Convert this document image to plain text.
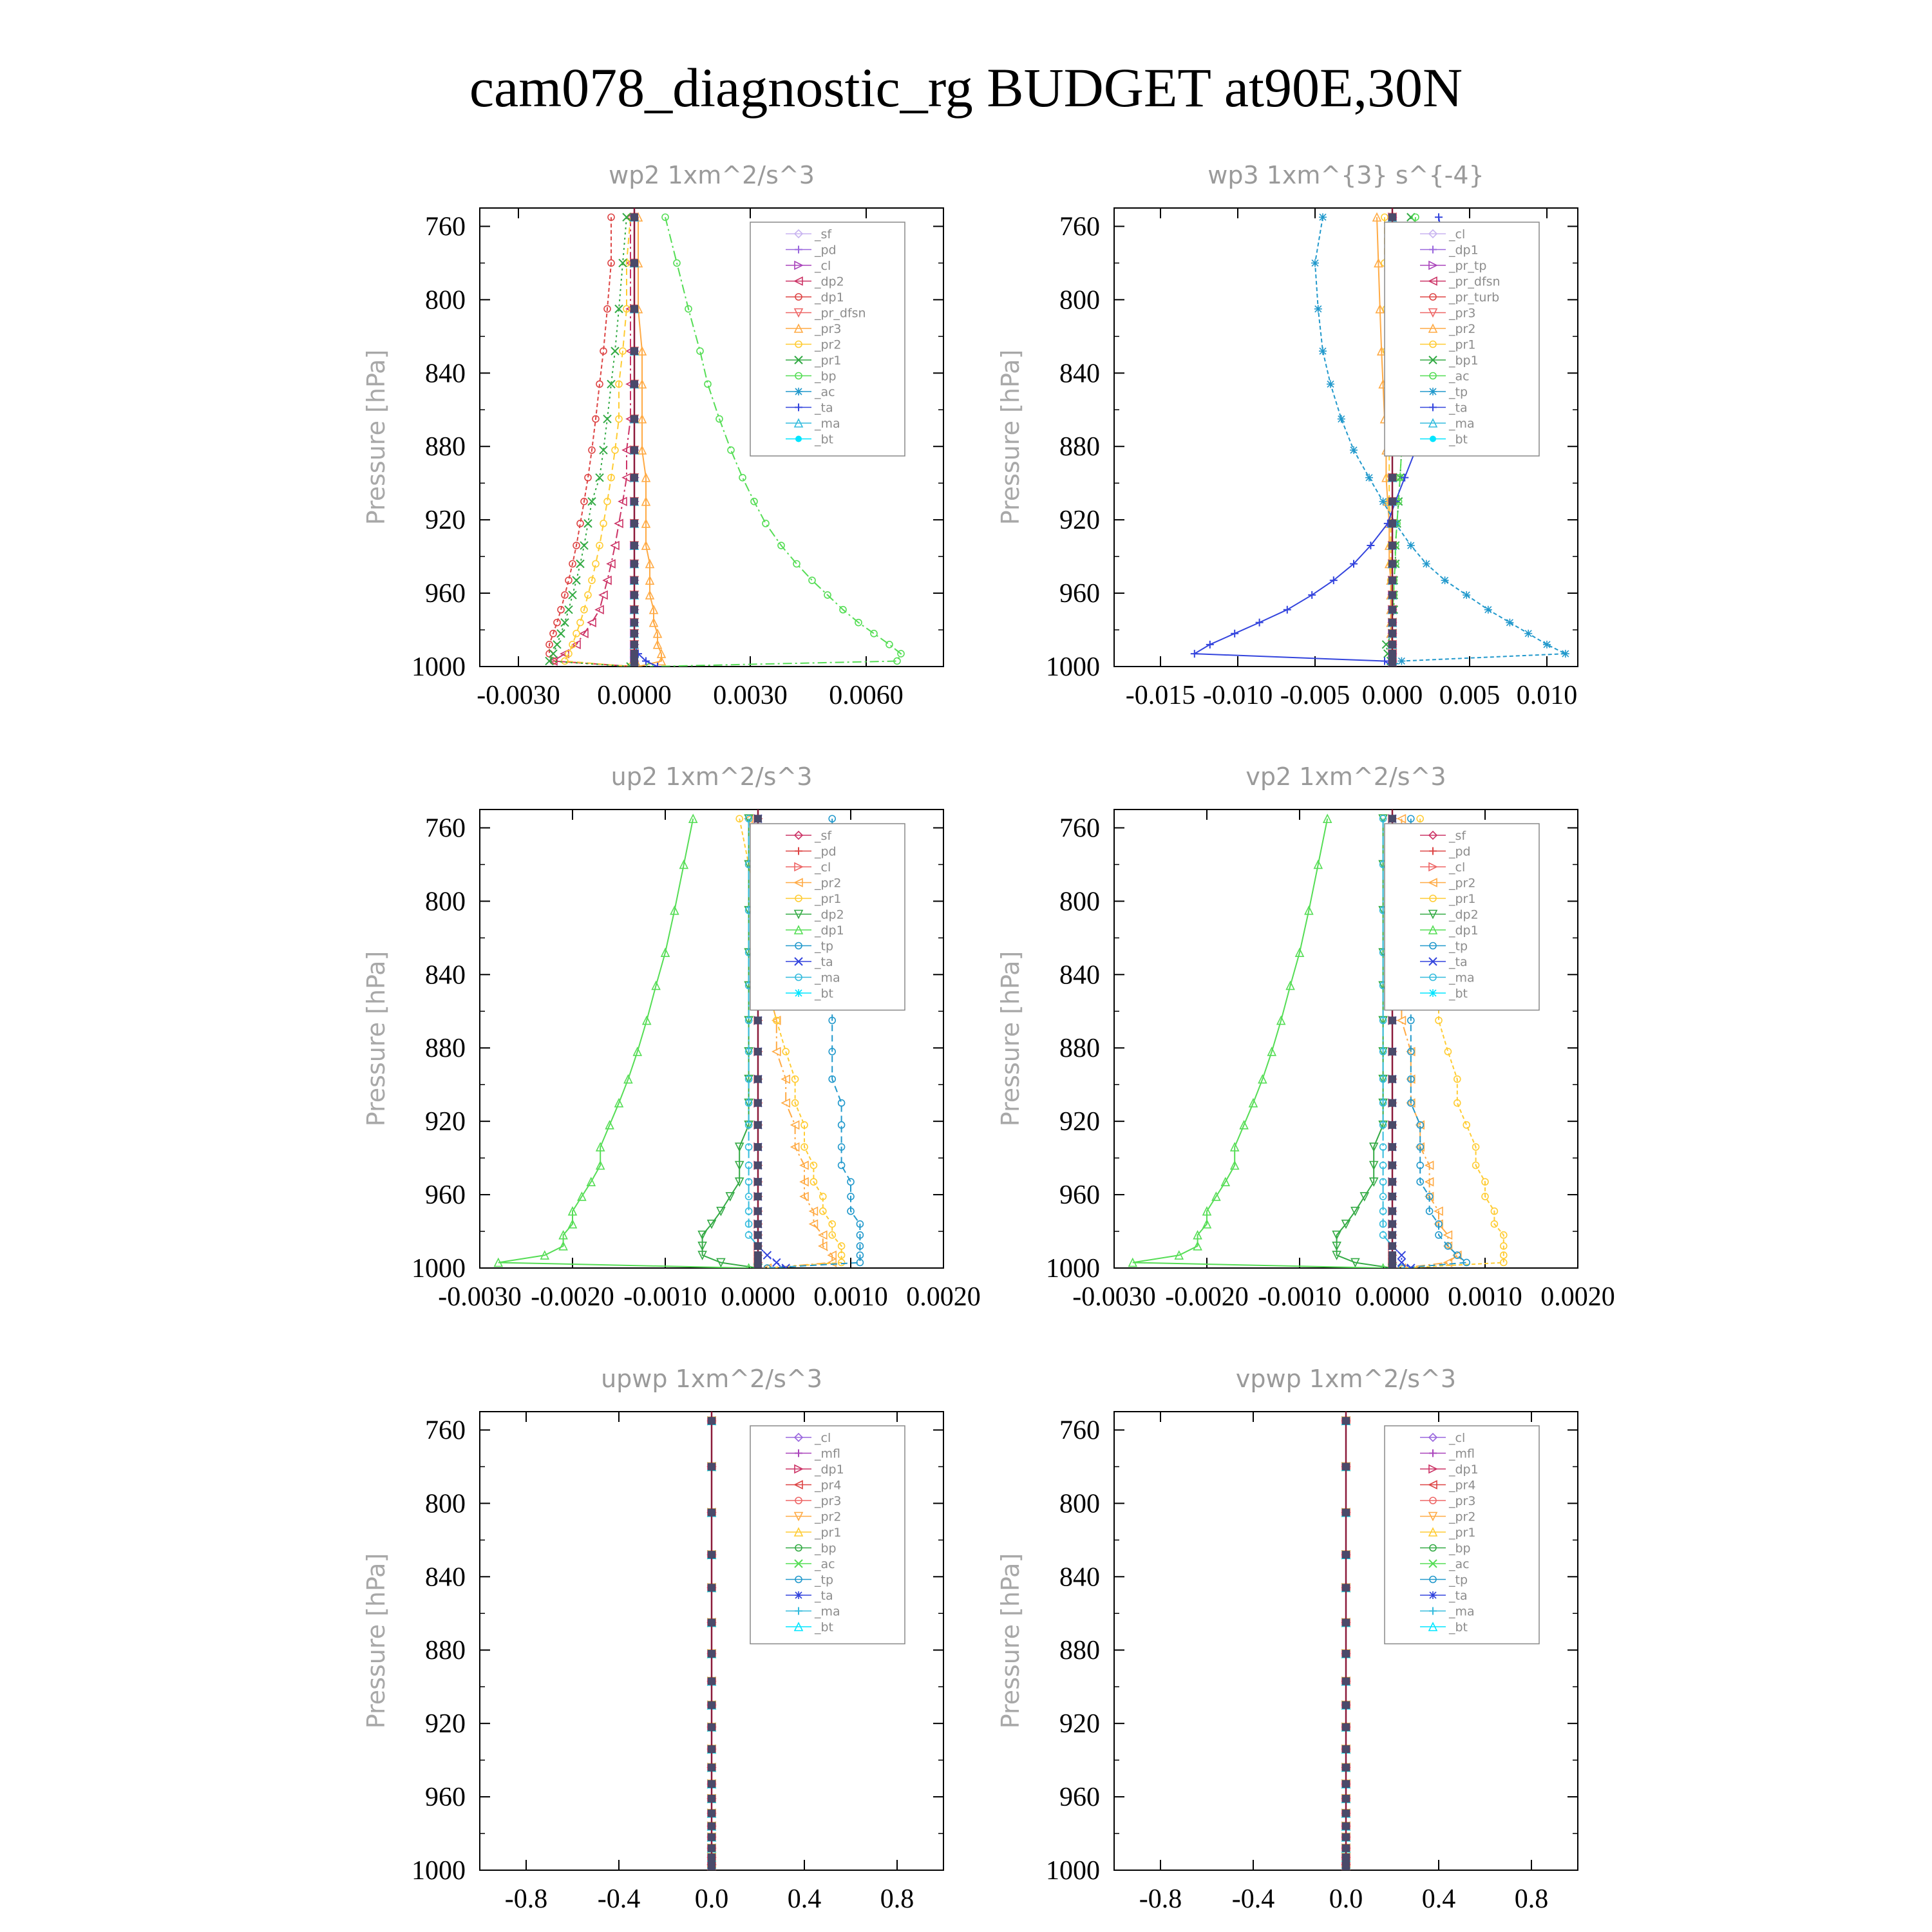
cam078_diagnostic_rg BUDGET at90E,30N
wp2 1xm^2/s^3
Pressure [hPa]
760
800
840
880
920
960
1000
-0.0030 0.0000 0.0030 0.0060
_sf
_pd
_cl
_dp2
_dp1
_pr_dfsn
_pr3
_pr2
_pr1
_bp
_ac
_ta
_ma
_bt
wp3 1xm^{3} s^{-4}
Pressure [hPa]
760
800
840
880
920
960
1000
-0.015 -0.010 -0.005 0.000 0.005 0.010
_cl
_dp1
_pr_tp
_pr_dfsn
_pr_turb
_pr3
_pr2
_pr1
_bp1
_ac
_tp
_ta
_ma
_bt
up2 1xm^2/s^3
Pressure [hPa]
760
800
840
880
920
960
1000
-0.0030 -0.0020 -0.0010 0.0000 0.0010 0.0020
_sf
_pd
_cl
_pr2
_pr1
_dp2
_dp1
_tp
_ta
_ma
_bt
vp2 1xm^2/s^3
Pressure [hPa]
760
800
840
880
920
960
1000
-0.0030 -0.0020 -0.0010 0.0000 0.0010 0.0020
_sf
_pd
_cl
_pr2
_pr1
_dp2
_dp1
_tp
_ta
_ma
_bt
upwp 1xm^2/s^3
Pressure [hPa]
760
800
840
880
920
960
1000
-0.8 -0.4 0.0 0.4 0.8
_cl
_mfl
_dp1
_pr4
_pr3
_pr2
_pr1
_bp
_ac
_tp
_ta
_ma
_bt
vpwp 1xm^2/s^3
Pressure [hPa]
760
800
840
880
920
960
1000
-0.8 -0.4 0.0 0.4 0.8
_cl
_mfl
_dp1
_pr4
_pr3
_pr2
_pr1
_bp
_ac
_tp
_ta
_ma
_bt
